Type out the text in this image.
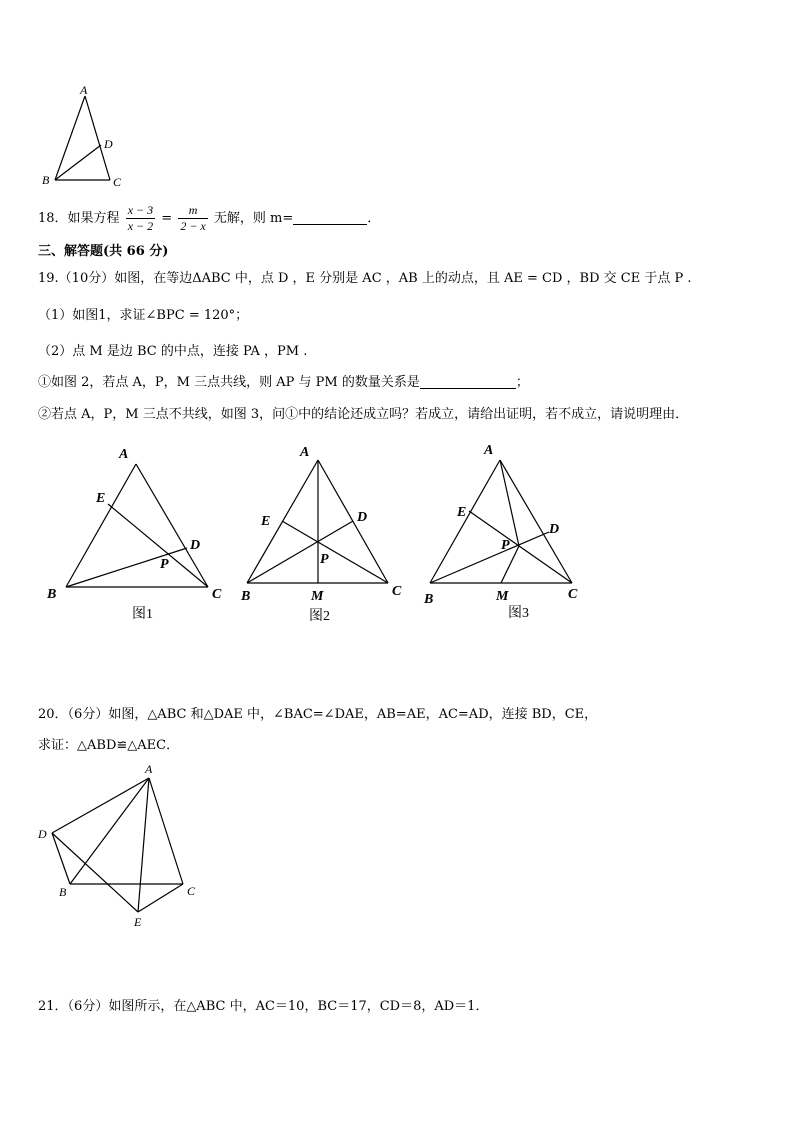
A
B	C
D
18．如果方程 $\frac{x - 3}{x - 2} = \frac{m}{2 - x}$ 无解，则 m=	．
三、解答题(共 66 分)
19.（10分）如图，在等边ΔABC 中，点 D ，E 分别是 AC ，AB 上的动点，且 AE = CD ，BD 交 CE 于点 P .
（1）如图1，求证∠BPC = 120°；
（2）点 M 是边 BC 的中点，连接 PA ，PM .
①如图 2，若点 A，P，M 三点共线，则 AP 与 PM 的数量关系是	；
②若点 A，P，M 三点不共线，如图 3，问①中的结论还成立吗？若成立，请给出证明，若不成立，请说明理由．
A
E
D
P
B	C
图1
A
E	D
P
B	M	C
图2
A
E
D
P
B	M	C
图3
20．（6分）如图，△ABC 和△DAE 中，∠BAC=∠DAE，AB=AE，AC=AD，连接 BD，CE，
求证：△ABD≌△AEC．
A
D
B	C
E
21．（6分）如图所示，在△ABC 中，AC＝10，BC＝17，CD＝8，AD＝1．
